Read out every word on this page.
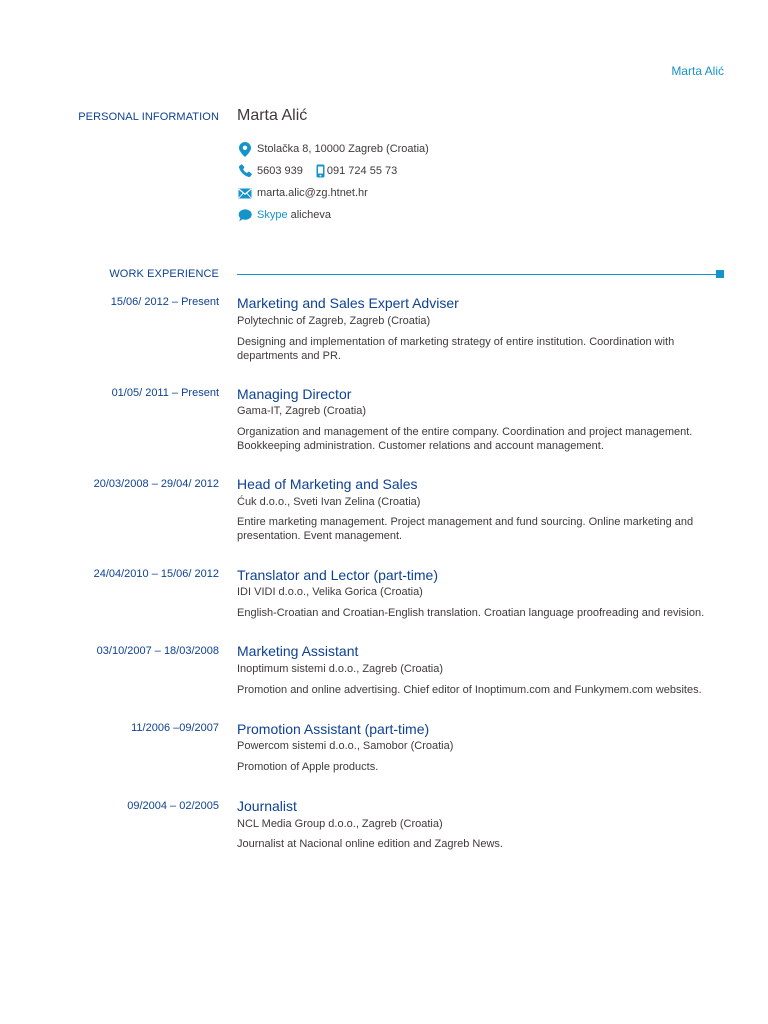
Marta Alić
PERSONAL INFORMATION Marta Alić
Stolačka 8, 10000 Zagreb (Croatia)
5603 939 091 724 55 73
marta.alic@zg.htnet.hr
Skype alicheva
WORK EXPERIENCE
15/06/ 2012 – Present Marketing and Sales Expert Adviser
Polytechnic of Zagreb, Zagreb (Croatia)
Designing and implementation of marketing strategy of entire institution. Coordination with departments and PR.
01/05/ 2011 – Present Managing Director
Gama-IT, Zagreb (Croatia)
Organization and management of the entire company. Coordination and project management. Bookkeeping administration. Customer relations and account management.
20/03/2008 – 29/04/ 2012 Head of Marketing and Sales
Ćuk d.o.o., Sveti Ivan Zelina (Croatia)
Entire marketing management. Project management and fund sourcing. Online marketing and presentation. Event management.
24/04/2010 – 15/06/ 2012 Translator and Lector (part-time)
IDI VIDI d.o.o., Velika Gorica (Croatia)
English-Croatian and Croatian-English translation. Croatian language proofreading and revision.
03/10/2007 – 18/03/2008 Marketing Assistant
Inoptimum sistemi d.o.o., Zagreb (Croatia)
Promotion and online advertising. Chief editor of Inoptimum.com and Funkymem.com websites.
11/2006 –09/2007 Promotion Assistant (part-time)
Powercom sistemi d.o.o., Samobor (Croatia)
Promotion of Apple products.
09/2004 – 02/2005 Journalist
NCL Media Group d.o.o., Zagreb (Croatia)
Journalist at Nacional online edition and Zagreb News.
